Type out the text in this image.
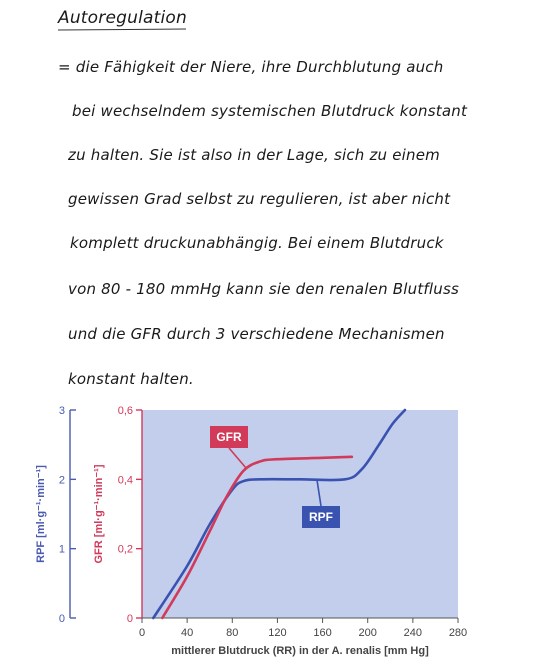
Autoregulation
= die Fähigkeit der Niere, ihre Durchblutung auch
bei wechselndem systemischen Blutdruck konstant
zu halten. Sie ist also in der Lage, sich zu einem
gewissen Grad selbst zu regulieren, ist aber nicht
komplett druckunabhängig. Bei einem Blutdruck
von 80 - 180 mmHg kann sie den renalen Blutfluss
und die GFR durch 3 verschiedene Mechanismen
konstant halten.
0
1
2
3
RPF [ml·g⁻¹·min⁻¹]
0
0,2
0,4
0,6
GFR [ml·g⁻¹·min⁻¹]
0	40	80	120 160 200 240 280
mittlerer Blutdruck (RR) in der A. renalis [mm Hg]
GFR
RPF
